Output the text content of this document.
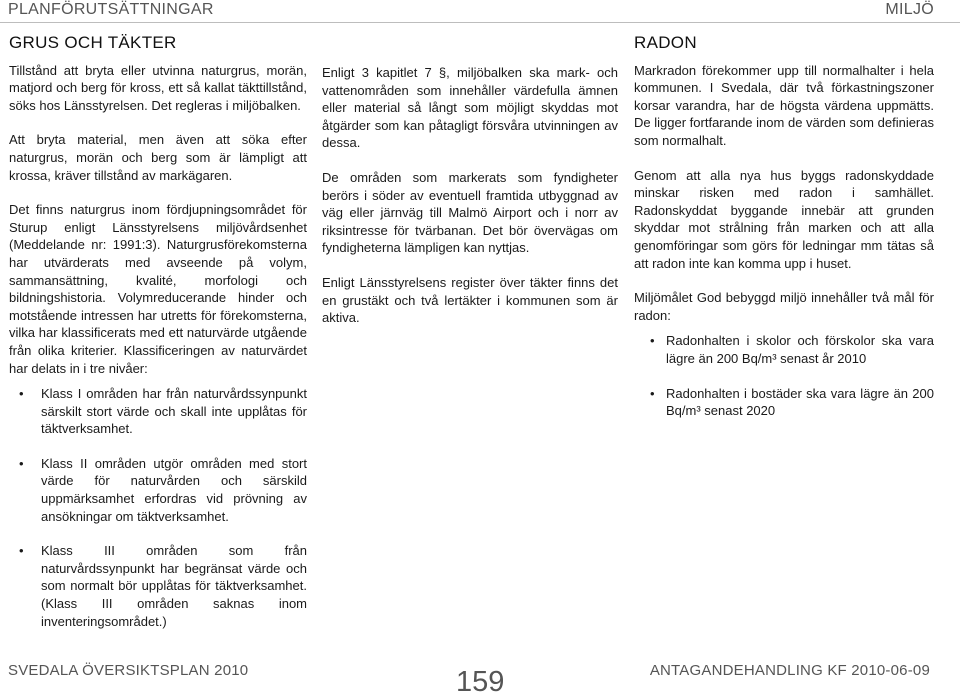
PLANFÖRUTSÄTTNINGAR	MILJÖ
GRUS OCH TÄKTER

Tillstånd att bryta eller utvinna naturgrus, morän, matjord och berg för kross, ett så kallat täkttillstånd, söks hos Länsstyrelsen. Det regleras i miljöbalken.

Att bryta material, men även att söka efter naturgrus, morän och berg som är lämpligt att krossa, kräver tillstånd av markägaren.

Det finns naturgrus inom fördjupningsområdet för Sturup enligt Länsstyrelsens miljövårdsenhet (Meddelande nr: 1991:3). Naturgrusförekomsterna har utvärderats med avseende på volym, sammansättning, kvalité, morfologi och bildningshistoria. Volymreducerande hinder och motstående intressen har utretts för förekomsterna, vilka har klassificerats med ett naturvärde utgående från olika kriterier. Klassificeringen av naturvärdet har delats in i tre nivåer:

• Klass I områden har från naturvårdssynpunkt särskilt stort värde och skall inte upplåtas för täktverksamhet.
• Klass II områden utgör områden med stort värde för naturvården och särskild uppmärksamhet erfordras vid prövning av ansökningar om täktverksamhet.
• Klass III områden som från naturvårdssynpunkt har begränsat värde och som normalt bör upplåtas för täktverksamhet. (Klass III områden saknas inom inventeringsområdet.)

Enligt 3 kapitlet 7 §, miljöbalken ska mark- och vattenområden som innehåller värdefulla ämnen eller material så långt som möjligt skyddas mot åtgärder som kan påtagligt försvåra utvinningen av dessa.

De områden som markerats som fyndigheter berörs i söder av eventuell framtida utbyggnad av väg eller järnväg till Malmö Airport och i norr av riksintresse för tvärbanan. Det bör övervägas om fyndigheterna lämpligen kan nyttjas.

Enligt Länsstyrelsens register över täkter finns det en grustäkt och två lertäkter i kommunen som är aktiva.

RADON

Markradon förekommer upp till normalhalter i hela kommunen. I Svedala, där två förkastningszoner korsar varandra, har de högsta värdena uppmätts. De ligger fortfarande inom de värden som definieras som normalhalt.

Genom att alla nya hus byggs radonskyddade minskar risken med radon i samhället. Radonskyddat byggande innebär att grunden skyddar mot strålning från marken och att alla genomföringar som görs för ledningar mm tätas så att radon inte kan komma upp i huset.

Miljömålet God bebyggd miljö innehåller två mål för radon:

• Radonhalten i skolor och förskolor ska vara lägre än 200 Bq/m³ senast år 2010
• Radonhalten i bostäder ska vara lägre än 200 Bq/m³ senast 2020
SVEDALA ÖVERSIKTSPLAN 2010	159	ANTAGANDEHANDLING KF 2010-06-09
